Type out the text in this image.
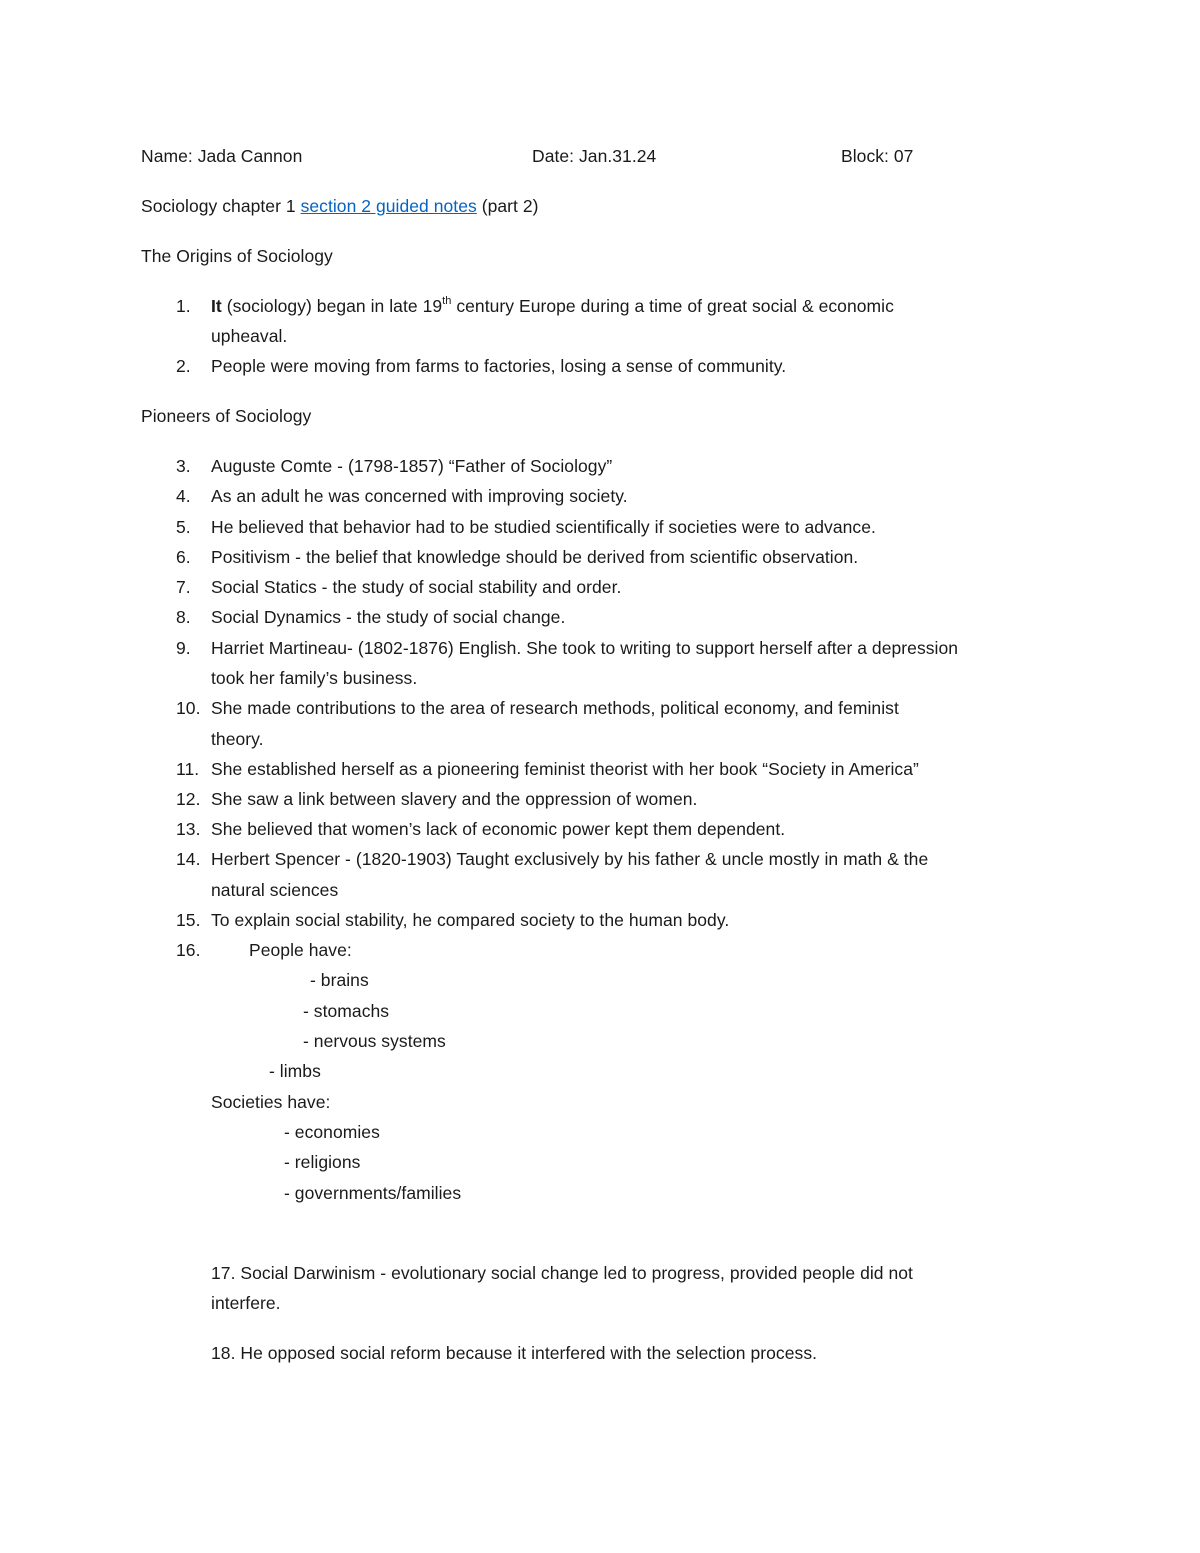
Name: Jada Cannon	Date: Jan.31.24	Block: 07
Sociology chapter 1 section 2 guided notes (part 2)
The Origins of Sociology
1. It (sociology) began in late 19th century Europe during a time of great social & economic
upheaval.
2. People were moving from farms to factories, losing a sense of community.
Pioneers of Sociology
3. Auguste Comte - (1798-1857) “Father of Sociology”
4. As an adult he was concerned with improving society.
5. He believed that behavior had to be studied scientifically if societies were to advance.
6. Positivism - the belief that knowledge should be derived from scientific observation.
7. Social Statics - the study of social stability and order.
8. Social Dynamics - the study of social change.
9. Harriet Martineau- (1802-1876) English. She took to writing to support herself after a depression
took her family’s business.
10. She made contributions to the area of research methods, political economy, and feminist
theory.
11. She established herself as a pioneering feminist theorist with her book “Society in America”
12. She saw a link between slavery and the oppression of women.
13. She believed that women’s lack of economic power kept them dependent.
14. Herbert Spencer - (1820-1903) Taught exclusively by his father & uncle mostly in math & the
natural sciences
15. To explain social stability, he compared society to the human body.
16.	People have:
- brains
- stomachs
- nervous systems
- limbs
Societies have:
- economies
- religions
- governments/families
17. Social Darwinism - evolutionary social change led to progress, provided people did not
interfere.
18. He opposed social reform because it interfered with the selection process.
